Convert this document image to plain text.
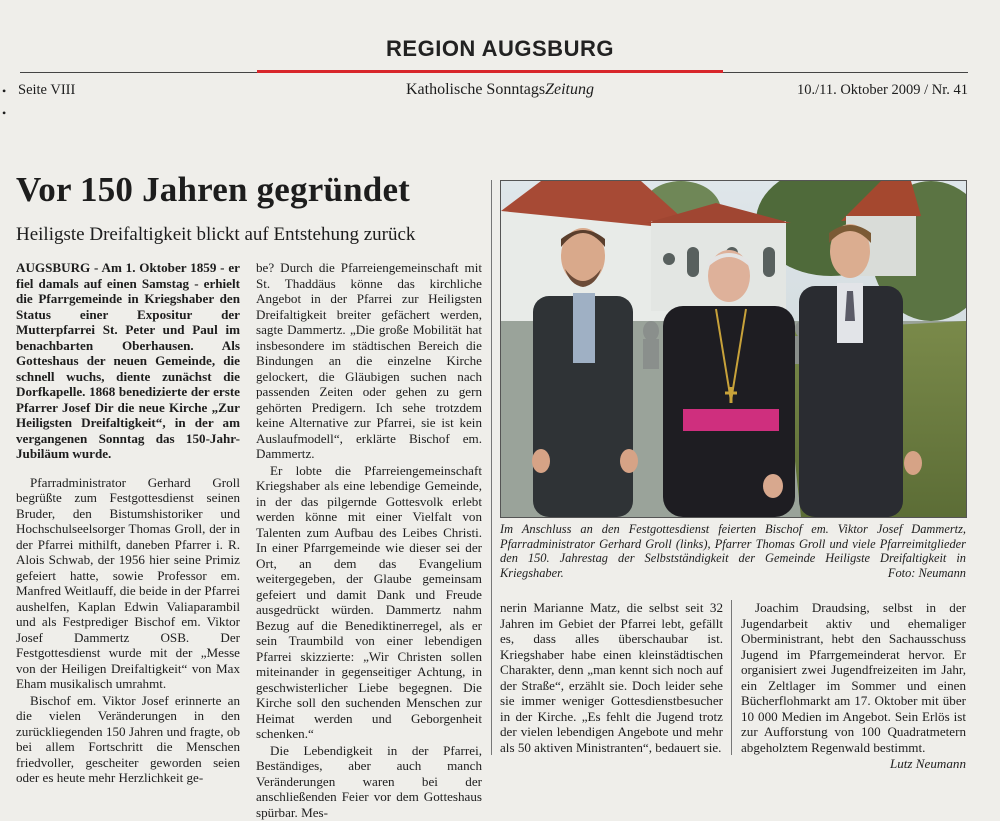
REGION AUGSBURG
•
•
Seite VIII	Katholische SonntagsZeitung	10./11. Oktober 2009 / Nr. 41
Vor 150 Jahren gegründet
Heiligste Dreifaltigkeit blickt auf Entstehung zurück

AUGSBURG - Am 1. Oktober 1859 - er fiel damals auf einen Samstag - erhielt die Pfarrgemeinde in Kriegshaber den Status einer Expositur der Mutterpfarrei St. Peter und Paul im benachbarten Oberhausen. Als Gotteshaus der neuen Gemeinde, die schnell wuchs, diente zunächst die Dorfkapelle. 1868 benedizierte der erste Pfarrer Josef Dir die neue Kirche „Zur Heiligsten Dreifaltigkeit“, in der am vergangenen Sonntag das 150-Jahr-Jubiläum wurde.

Pfarradministrator Gerhard Groll begrüßte zum Festgottesdienst seinen Bruder, den Bistumshistoriker und Hochschulseelsorger Thomas Groll, der in der Pfarrei mithilft, daneben Pfarrer i. R. Alois Schwab, der 1956 hier seine Primiz gefeiert hatte, sowie Professor em. Manfred Weitlauff, die beide in der Pfarrei aushelfen, Kaplan Edwin Valiaparambil und als Festprediger Bischof em. Viktor Josef Dammertz OSB. Der Festgottesdienst wurde mit der „Messe von der Heiligen Dreifaltigkeit“ von Max Eham musikalisch umrahmt.

Bischof em. Viktor Josef erinnerte an die vielen Veränderungen in den zurückliegenden 150 Jahren und fragte, ob bei allem Fortschritt die Menschen friedvoller, gescheiter geworden seien oder es heute mehr Herzlichkeit ge-

be? Durch die Pfarreiengemeinschaft mit St. Thaddäus könne das kirchliche Angebot in der Pfarrei zur Heiligsten Dreifaltigkeit breiter gefächert werden, sagte Dammertz. „Die große Mobilität hat insbesondere im städtischen Bereich die Bindungen an die einzelne Kirche gelockert, die Gläubigen suchen nach passenden Zeiten oder gehen zu gern gehörten Predigern. Ich sehe trotzdem keine Alternative zur Pfarrei, sie ist kein Auslaufmodell“, erklärte Bischof em. Dammertz.

Er lobte die Pfarreiengemeinschaft Kriegshaber als eine lebendige Gemeinde, in der das pilgernde Gottesvolk erlebt werden könne mit einer Vielfalt von Talenten zum Aufbau des Leibes Christi. In einer Pfarrgemeinde wie dieser sei der Ort, an dem das Evangelium weitergegeben, der Glaube gemeinsam gefeiert und damit Dank und Freude ausgedrückt würden. Dammertz nahm Bezug auf die Benediktinerregel, als er sein Traumbild von einer lebendigen Pfarrei skizzierte: „Wir Christen sollen miteinander in gegenseitiger Achtung, in geschwisterlicher Liebe begegnen. Die Kirche soll den suchenden Menschen zur Heimat werden und Geborgenheit schenken.“

Die Lebendigkeit in der Pfarrei, Beständiges, aber auch manch Veränderungen waren bei der anschließenden Feier vor dem Gotteshaus spürbar. Mes-

Im Anschluss an den Festgottesdienst feierten Bischof em. Viktor Josef Dammertz, Pfarradministrator Gerhard Groll (links), Pfarrer Thomas Groll und viele Pfarreimitglieder den 150. Jahrestag der Selbstständigkeit der Gemeinde Heiligste Dreifaltigkeit in Kriegshaber.	Foto: Neumann

nerin Marianne Matz, die selbst seit 32 Jahren im Gebiet der Pfarrei lebt, gefällt es, dass alles überschaubar ist. Kriegshaber habe einen kleinstädtischen Charakter, denn „man kennt sich noch auf der Straße“, erzählt sie. Doch leider sehe sie immer weniger Gottesdienstbesucher in der Kirche. „Es fehlt die Jugend trotz der vielen lebendigen Angebote und mehr als 50 aktiven Ministranten“, bedauert sie.

Joachim Draudsing, selbst in der Jugendarbeit aktiv und ehemaliger Oberministrant, hebt den Sachausschuss Jugend im Pfarrgemeinderat hervor. Er organisiert zwei Jugendfreizeiten im Jahr, ein Zeltlager im Sommer und einen Bücherflohmarkt am 17. Oktober mit über 10 000 Medien im Angebot. Sein Erlös ist zur Aufforstung von 100 Quadratmetern abgeholztem Regenwald bestimmt.

Lutz Neumann
